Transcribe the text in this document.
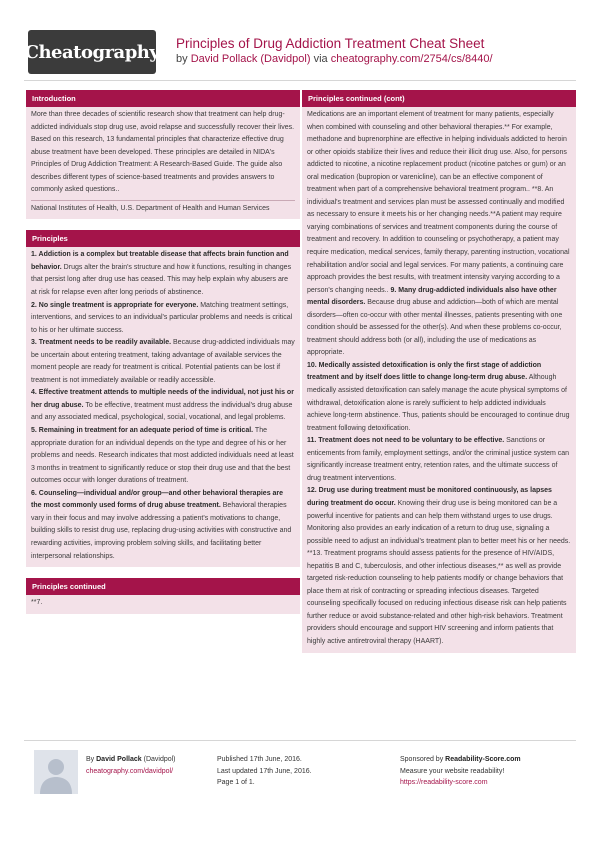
Cheatography Principles of Drug Addiction Treatment Cheat Sheet
by David Pollack (Davidpol) via cheatography.com/2754/cs/8440/
Introduction
More than three decades of scientific research show that treatment can help drug-addicted individuals stop drug use, avoid relapse and successfully recover their lives. Based on this research, 13 fundamental principles that characterize effective drug abuse treatment have been developed. These principles are detailed in NIDA's Principles of Drug Addiction Treatment: A Research-Based Guide. The guide also describes different types of science-based treatments and provides answers to commonly asked questions..
National Institutes of Health, U.S. Department of Health and Human Services
Principles
1. Addiction is a complex but treatable disease that affects brain function and behavior. Drugs alter the brain's structure and how it functions, resulting in changes that persist long after drug use has ceased. This may help explain why abusers are at risk for relapse even after long periods of abstinence.
2. No single treatment is appropriate for everyone. Matching treatment settings, interventions, and services to an individual's particular problems and needs is critical to his or her ultimate success.
3. Treatment needs to be readily available. Because drug-addicted individuals may be uncertain about entering treatment, taking advantage of available services the moment people are ready for treatment is critical. Potential patients can be lost if treatment is not immediately available or readily accessible.
4. Effective treatment attends to multiple needs of the individual, not just his or her drug abuse. To be effective, treatment must address the individual's drug abuse and any associated medical, psychological, social, vocational, and legal problems.
5. Remaining in treatment for an adequate period of time is critical. The appropriate duration for an individual depends on the type and degree of his or her problems and needs. Research indicates that most addicted individuals need at least 3 months in treatment to significantly reduce or stop their drug use and that the best outcomes occur with longer durations of treatment.
6. Counseling—individual and/or group—and other behavioral therapies are the most commonly used forms of drug abuse treatment. Behavioral therapies vary in their focus and may involve addressing a patient's motivations to change, building skills to resist drug use, replacing drug-using activities with constructive and rewarding activities, improving problem solving skills, and facilitating better interpersonal relationships.
Principles continued
**7.
Principles continued (cont)
Medications are an important element of treatment for many patients, especially when combined with counseling and other behavioral therapies.** For example, methadone and buprenorphine are effective in helping individuals addicted to heroin or other opioids stabilize their lives and reduce their illicit drug use. Also, for persons addicted to nicotine, a nicotine replacement product (nicotine patches or gum) or an oral medication (bupropion or varenicline), can be an effective component of treatment when part of a comprehensive behavioral treatment program.. **8. An individual's treatment and services plan must be assessed continually and modified as necessary to ensure it meets his or her changing needs.**A patient may require varying combinations of services and treatment components during the course of treatment and recovery. In addition to counseling or psychotherapy, a patient may require medication, medical services, family therapy, parenting instruction, vocational rehabilitation and/or social and legal services. For many patients, a continuing care approach provides the best results, with treatment intensity varying according to a person's changing needs.. 9. Many drug-addicted individuals also have other mental disorders. Because drug abuse and addiction—both of which are mental disorders—often co-occur with other mental illnesses, patients presenting with one condition should be assessed for the other(s). And when these problems co-occur, treatment should address both (or all), including the use of medications as appropriate.
10. Medically assisted detoxification is only the first stage of addiction treatment and by itself does little to change long-term drug abuse. Although medically assisted detoxification can safely manage the acute physical symptoms of withdrawal, detoxification alone is rarely sufficient to help addicted individuals achieve long-term abstinence. Thus, patients should be encouraged to continue drug treatment following detoxification.
11. Treatment does not need to be voluntary to be effective. Sanctions or enticements from family, employment settings, and/or the criminal justice system can significantly increase treatment entry, retention rates, and the ultimate success of drug treatment interventions.
12. Drug use during treatment must be monitored continuously, as lapses during treatment do occur. Knowing their drug use is being monitored can be a powerful incentive for patients and can help them withstand urges to use drugs. Monitoring also provides an early indication of a return to drug use, signaling a possible need to adjust an individual's treatment plan to better meet his or her needs.
**13. Treatment programs should assess patients for the presence of HIV/AIDS, hepatitis B and C, tuberculosis, and other infectious diseases,** as well as provide targeted risk-reduction counseling to help patients modify or change behaviors that place them at risk of contracting or spreading infectious diseases. Targeted counseling specifically focused on reducing infectious disease risk can help patients further reduce or avoid substance-related and other high-risk behaviors. Treatment providers should encourage and support HIV screening and inform patients that highly active antiretroviral therapy (HAART).
By David Pollack (Davidpol)
cheatography.com/davidpol/
Published 17th June, 2016.
Last updated 17th June, 2016.
Page 1 of 1.
Sponsored by Readability-Score.com
Measure your website readability!
https://readability-score.com
